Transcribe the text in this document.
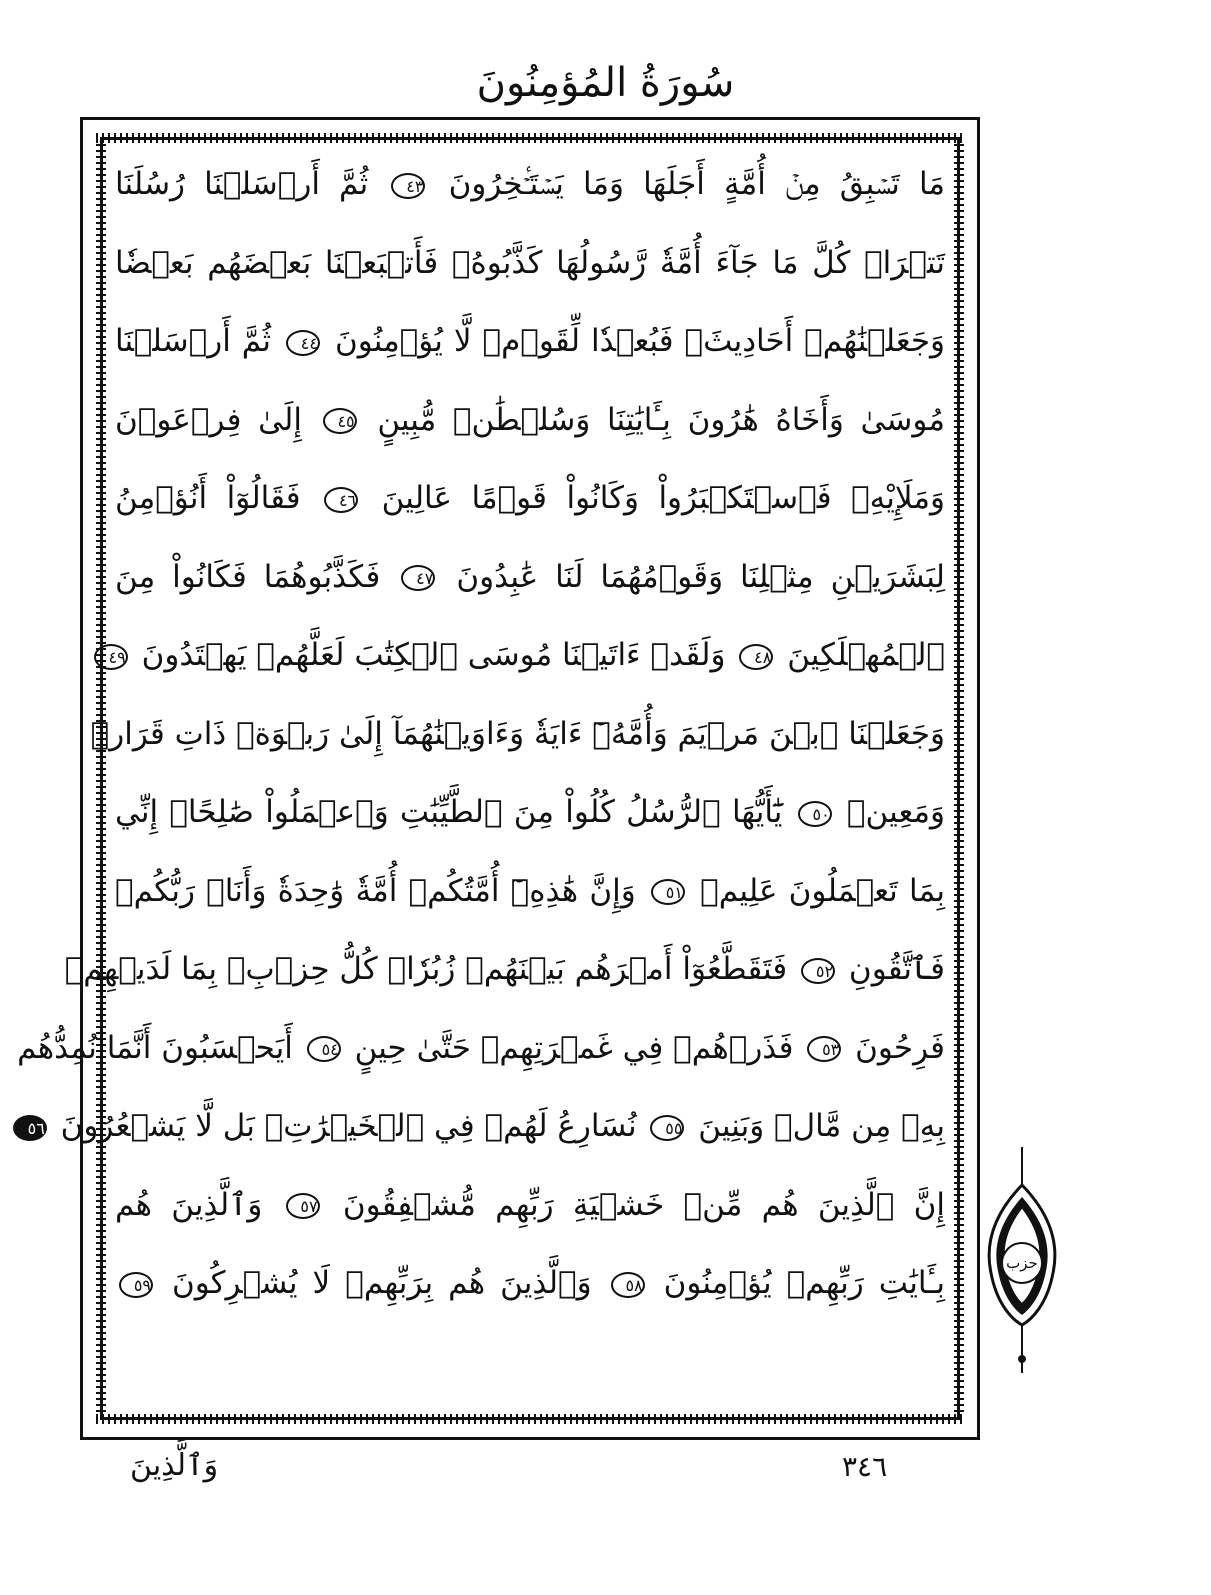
سُورَةُ المُؤمِنُونَ
مَا تَسۡبِقُ مِنۡ أُمَّةٍ أَجَلَهَا وَمَا يَسۡتَـٔۡخِرُونَ ٤٣ ثُمَّ أَرۡسَلۡنَا رُسُلَنَا
تَتۡرَاۖ كُلَّ مَا جَآءَ أُمَّةٗ رَّسُولُهَا كَذَّبُوهُۖ فَأَتۡبَعۡنَا بَعۡضَهُم بَعۡضٗا
وَجَعَلۡنَٰهُمۡ أَحَادِيثَۚ فَبُعۡدٗا لِّقَوۡمٖ لَّا يُؤۡمِنُونَ ٤٤ ثُمَّ أَرۡسَلۡنَا
مُوسَىٰ وَأَخَاهُ هَٰرُونَ بِـَٔايَٰتِنَا وَسُلۡطَٰنٖ مُّبِينٍ ٤٥ إِلَىٰ فِرۡعَوۡنَ
وَمَلَإِيْهِۦ فَٱسۡتَكۡبَرُواْ وَكَانُواْ قَوۡمًا عَالِينَ ٤٦ فَقَالُوٓاْ أَنُؤۡمِنُ
لِبَشَرَيۡنِ مِثۡلِنَا وَقَوۡمُهُمَا لَنَا عَٰبِدُونَ ٤٧ فَكَذَّبُوهُمَا فَكَانُواْ مِنَ
ٱلۡمُهۡلَكِينَ ٤٨ وَلَقَدۡ ءَاتَيۡنَا مُوسَى ٱلۡكِتَٰبَ لَعَلَّهُمۡ يَهۡتَدُونَ ٤٩
وَجَعَلۡنَا ٱبۡنَ مَرۡيَمَ وَأُمَّهُۥٓ ءَايَةٗ وَءَاوَيۡنَٰهُمَآ إِلَىٰ رَبۡوَةٖ ذَاتِ قَرَارٖ
وَمَعِينٖ ٥٠ يَٰٓأَيُّهَا ٱلرُّسُلُ كُلُواْ مِنَ ٱلطَّيِّبَٰتِ وَٱعۡمَلُواْ صَٰلِحًاۖ إِنِّي
بِمَا تَعۡمَلُونَ عَلِيمٞ ٥١ وَإِنَّ هَٰذِهِۦٓ أُمَّتُكُمۡ أُمَّةٗ وَٰحِدَةٗ وَأَنَا۠ رَبُّكُمۡ
فَٱتَّقُونِ ٥٢ فَتَقَطَّعُوٓاْ أَمۡرَهُم بَيۡنَهُمۡ زُبُرٗاۖ كُلُّ حِزۡبِۭ بِمَا لَدَيۡهِمۡ
فَرِحُونَ ٥٣ فَذَرۡهُمۡ فِي غَمۡرَتِهِمۡ حَتَّىٰ حِينٍ ٥٤ أَيَحۡسَبُونَ أَنَّمَا نُمِدُّهُم
بِهِۦ مِن مَّالٖ وَبَنِينَ ٥٥ نُسَارِعُ لَهُمۡ فِي ٱلۡخَيۡرَٰتِۚ بَل لَّا يَشۡعُرُونَ ٥٦
إِنَّ ٱلَّذِينَ هُم مِّنۡ خَشۡيَةِ رَبِّهِم مُّشۡفِقُونَ ٥٧ وَٱلَّذِينَ هُم
بِـَٔايَٰتِ رَبِّهِمۡ يُؤۡمِنُونَ ٥٨ وَٱلَّذِينَ هُم بِرَبِّهِمۡ لَا يُشۡرِكُونَ ٥٩
حزب
وَٱلَّذِينَ	٣٤٦
